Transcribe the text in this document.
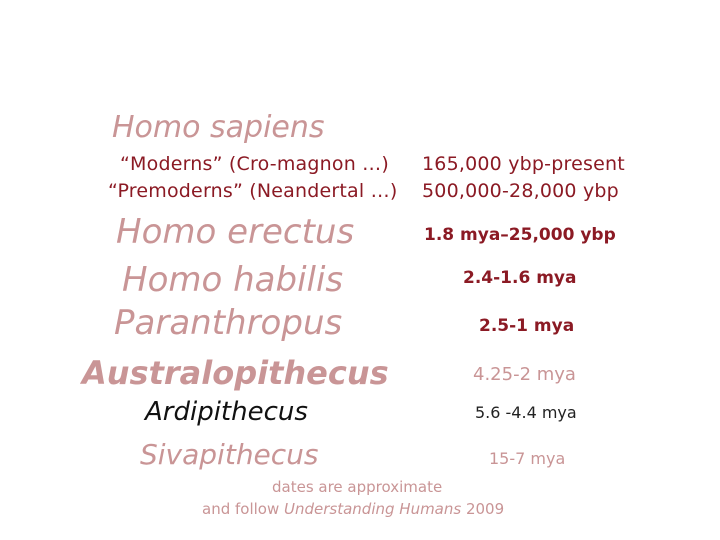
Homo sapiens
“Moderns” (Cro-magnon …) 165,000 ybp-present
“Premoderns” (Neandertal …) 500,000-28,000 ybp
Homo erectus	1.8 mya–25,000 ybp
Homo habilis	2.4-1.6 mya
Paranthropus	2.5-1 mya
Australopithecus	4.25-2 mya
Ardipithecus	5.6 -4.4 mya
Sivapithecus	15-7 mya
dates are approximate
and follow Understanding Humans 2009
